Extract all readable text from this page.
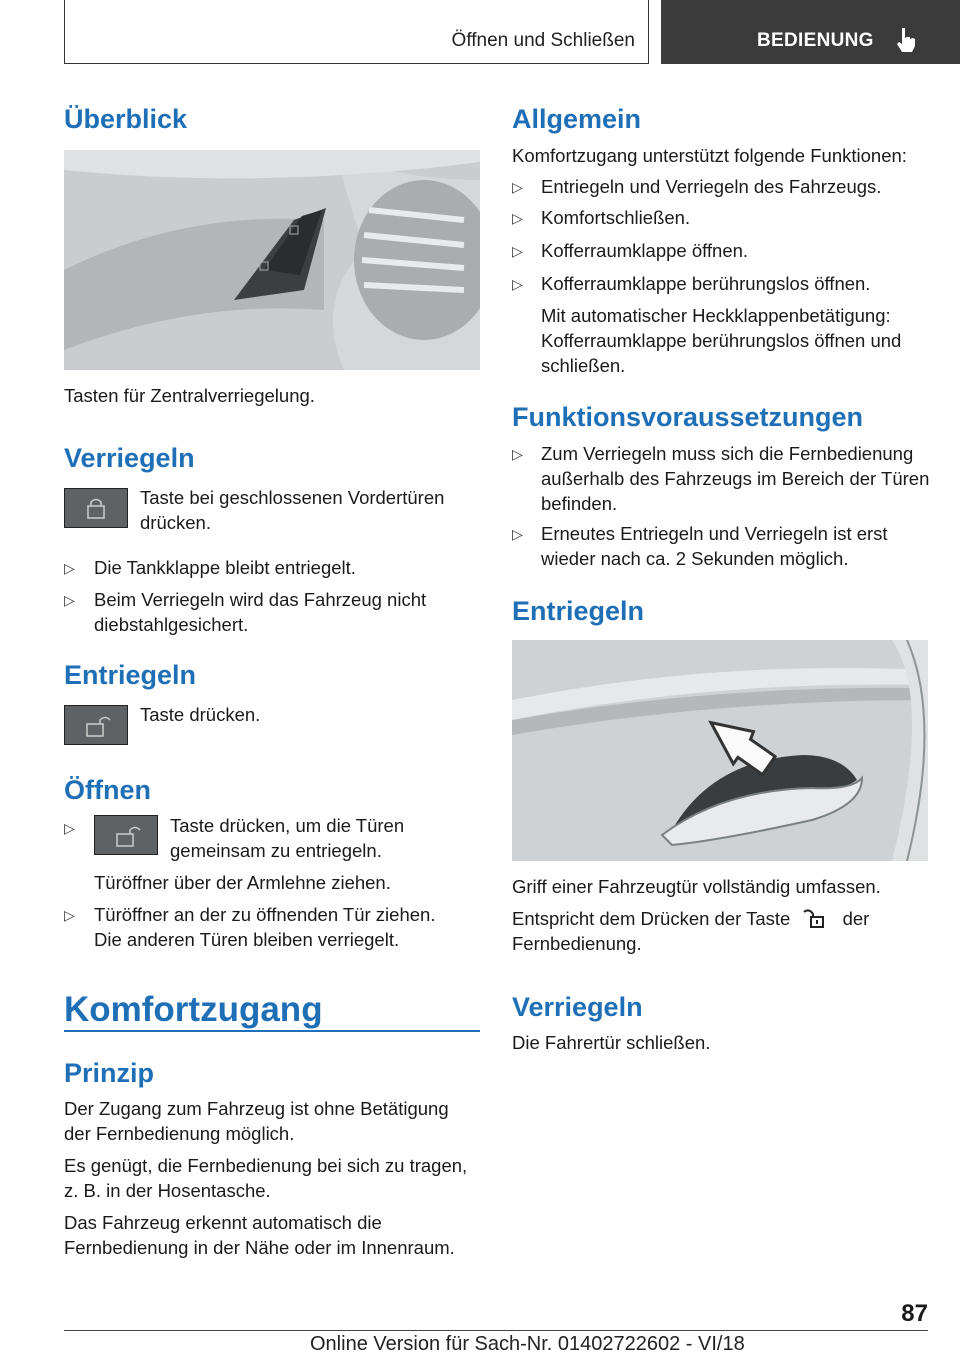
Öffnen und Schließen	BEDIENUNG
Überblick

Tasten für Zentralverriegelung.

Verriegeln

Taste bei geschlossenen Vordertüren drücken.

▷ Die Tankklappe bleibt entriegelt.

▷ Beim Verriegeln wird das Fahrzeug nicht diebstahlgesichert.

Entriegeln

Taste drücken.

Öffnen
▷	Taste drücken, um die Türen gemeinsam zu entriegeln.

Türöffner über der Armlehne ziehen.

▷ Türöffner an der zu öffnenden Tür ziehen. Die anderen Türen bleiben verriegelt.

Komfortzugang
Prinzip

Der Zugang zum Fahrzeug ist ohne Betätigung der Fernbedienung möglich.

Es genügt, die Fernbedienung bei sich zu tragen, z. B. in der Hosentasche.

Das Fahrzeug erkennt automatisch die Fernbedienung in der Nähe oder im Innenraum.

Allgemein

Komfortzugang unterstützt folgende Funktionen:

▷ Entriegeln und Verriegeln des Fahrzeugs.

▷ Komfortschließen.

▷ Kofferraumklappe öffnen.

▷ Kofferraumklappe berührungslos öffnen.

Mit automatischer Heckklappenbetätigung: Kofferraumklappe berührungslos öffnen und schließen.

Funktionsvoraussetzungen
▷ Zum Verriegeln muss sich die Fernbedienung außerhalb des Fahrzeugs im Bereich der Türen befinden.

▷ Erneutes Entriegeln und Verriegeln ist erst wieder nach ca. 2 Sekunden möglich.

Entriegeln

Griff einer Fahrzeugtür vollständig umfassen.

Entspricht dem Drücken der Taste	der Fernbedienung.
Verriegeln

Die Fahrertür schließen.

87
Online Version für Sach-Nr. 01402722602 - VI/18
